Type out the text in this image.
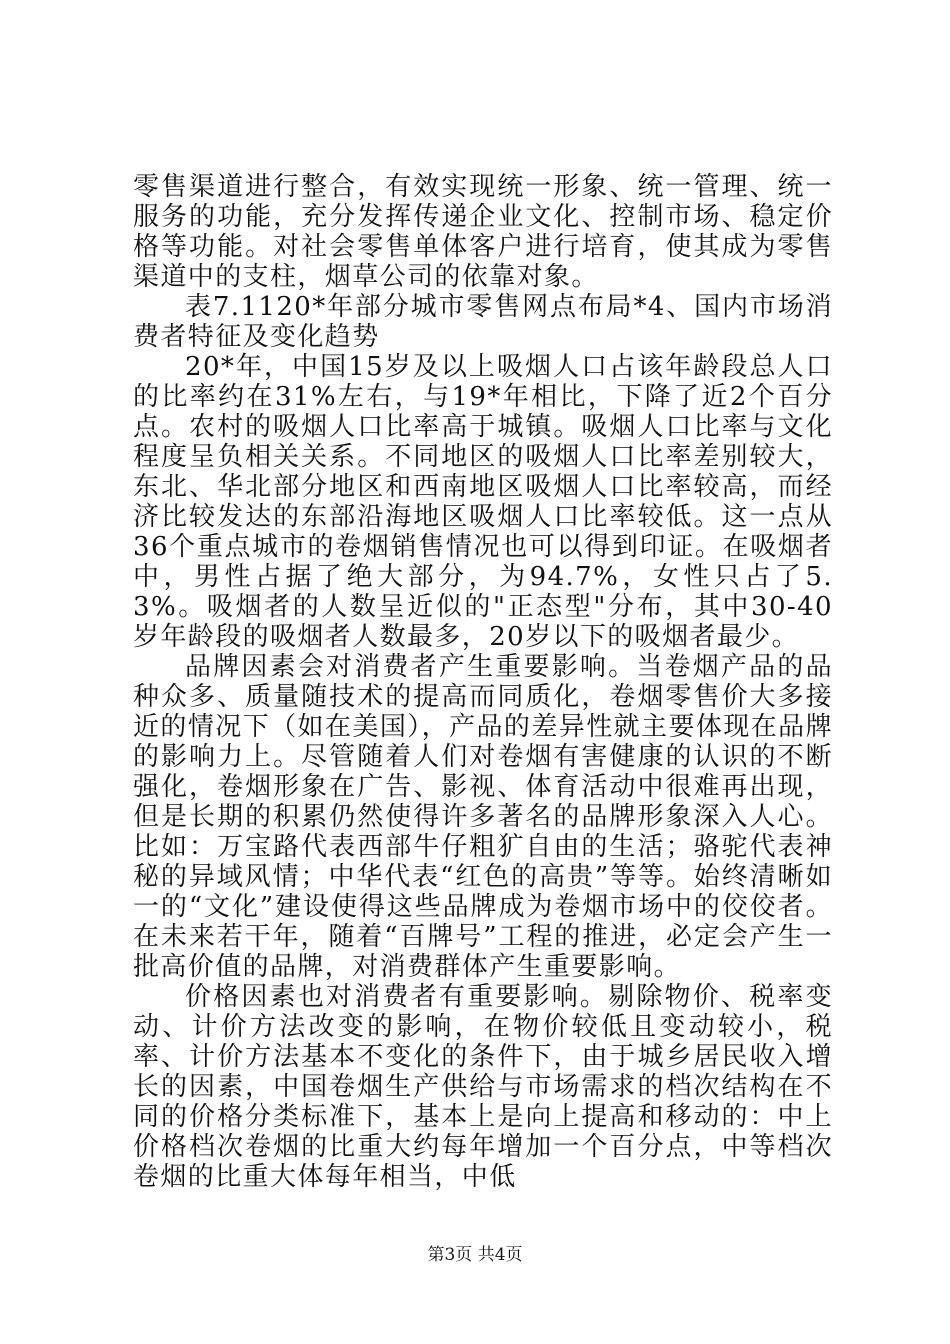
零售渠道进行整合，有效实现统一形象、统一管理、统一服务的功能，充分发挥传递企业文化、控制市场、稳定价格等功能。对社会零售单体客户进行培育，使其成为零售渠道中的支柱，烟草公司的依靠对象。

表7.1120*年部分城市零售网点布局*4、国内市场消费者特征及变化趋势

20*年，中国15岁及以上吸烟人口占该年龄段总人口的比率约在31%左右，与19*年相比，下降了近2个百分点。农村的吸烟人口比率高于城镇。吸烟人口比率与文化程度呈负相关关系。不同地区的吸烟人口比率差别较大，东北、华北部分地区和西南地区吸烟人口比率较高，而经济比较发达的东部沿海地区吸烟人口比率较低。这一点从36个重点城市的卷烟销售情况也可以得到印证。在吸烟者中，男性占据了绝大部分，为94.7%，女性只占了5.3%。吸烟者的人数呈近似的"正态型"分布，其中30-40岁年龄段的吸烟者人数最多，20岁以下的吸烟者最少。

品牌因素会对消费者产生重要影响。当卷烟产品的品种众多、质量随技术的提高而同质化，卷烟零售价大多接近的情况下（如在美国），产品的差异性就主要体现在品牌的影响力上。尽管随着人们对卷烟有害健康的认识的不断强化，卷烟形象在广告、影视、体育活动中很难再出现，但是长期的积累仍然使得许多著名的品牌形象深入人心。比如：万宝路代表西部牛仔粗犷自由的生活；骆驼代表神秘的异域风情；中华代表“红色的高贵”等等。始终清晰如一的“文化”建设使得这些品牌成为卷烟市场中的佼佼者。在未来若干年，随着“百牌号”工程的推进，必定会产生一批高价值的品牌，对消费群体产生重要影响。

价格因素也对消费者有重要影响。剔除物价、税率变动、计价方法改变的影响，在物价较低且变动较小，税率、计价方法基本不变化的条件下，由于城乡居民收入增长的因素，中国卷烟生产供给与市场需求的档次结构在不同的价格分类标准下，基本上是向上提高和移动的：中上价格档次卷烟的比重大约每年增加一个百分点，中等档次卷烟的比重大体每年相当，中低

第3页 共4页
